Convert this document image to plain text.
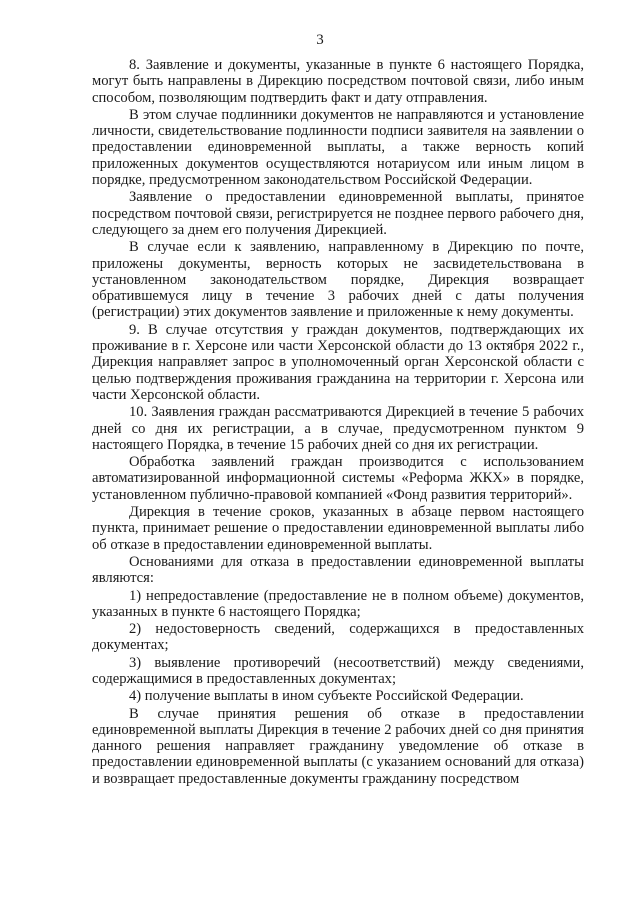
3

8. Заявление и документы, указанные в пункте 6 настоящего Порядка, могут быть направлены в Дирекцию посредством почтовой связи, либо иным способом, позволяющим подтвердить факт и дату отправления.

В этом случае подлинники документов не направляются и установление личности, свидетельствование подлинности подписи заявителя на заявлении о предоставлении единовременной выплаты, а также верность копий приложенных документов осуществляются нотариусом или иным лицом в порядке, предусмотренном законодательством Российской Федерации.

Заявление о предоставлении единовременной выплаты, принятое посредством почтовой связи, регистрируется не позднее первого рабочего дня, следующего за днем его получения Дирекцией.

В случае если к заявлению, направленному в Дирекцию по почте, приложены документы, верность которых не засвидетельствована в установленном законодательством порядке, Дирекция возвращает обратившемуся лицу в течение 3 рабочих дней с даты получения (регистрации) этих документов заявление и приложенные к нему документы.

9. В случае отсутствия у граждан документов, подтверждающих их проживание в г. Херсоне или части Херсонской области до 13 октября 2022 г., Дирекция направляет запрос в уполномоченный орган Херсонской области с целью подтверждения проживания гражданина на территории г. Херсона или части Херсонской области.

10. Заявления граждан рассматриваются Дирекцией в течение 5 рабочих дней со дня их регистрации, а в случае, предусмотренном пунктом 9 настоящего Порядка, в течение 15 рабочих дней со дня их регистрации.

Обработка заявлений граждан производится с использованием автоматизированной информационной системы «Реформа ЖКХ» в порядке, установленном публично-правовой компанией «Фонд развития территорий».

Дирекция в течение сроков, указанных в абзаце первом настоящего пункта, принимает решение о предоставлении единовременной выплаты либо об отказе в предоставлении единовременной выплаты.

Основаниями для отказа в предоставлении единовременной выплаты являются:

1) непредоставление (предоставление не в полном объеме) документов, указанных в пункте 6 настоящего Порядка;

2) недостоверность сведений, содержащихся в предоставленных документах;

3) выявление противоречий (несоответствий) между сведениями, содержащимися в предоставленных документах;

4) получение выплаты в ином субъекте Российской Федерации.

В случае принятия решения об отказе в предоставлении единовременной выплаты Дирекция в течение 2 рабочих дней со дня принятия данного решения направляет гражданину уведомление об отказе в предоставлении единовременной выплаты (с указанием оснований для отказа) и возвращает предоставленные документы гражданину посредством
